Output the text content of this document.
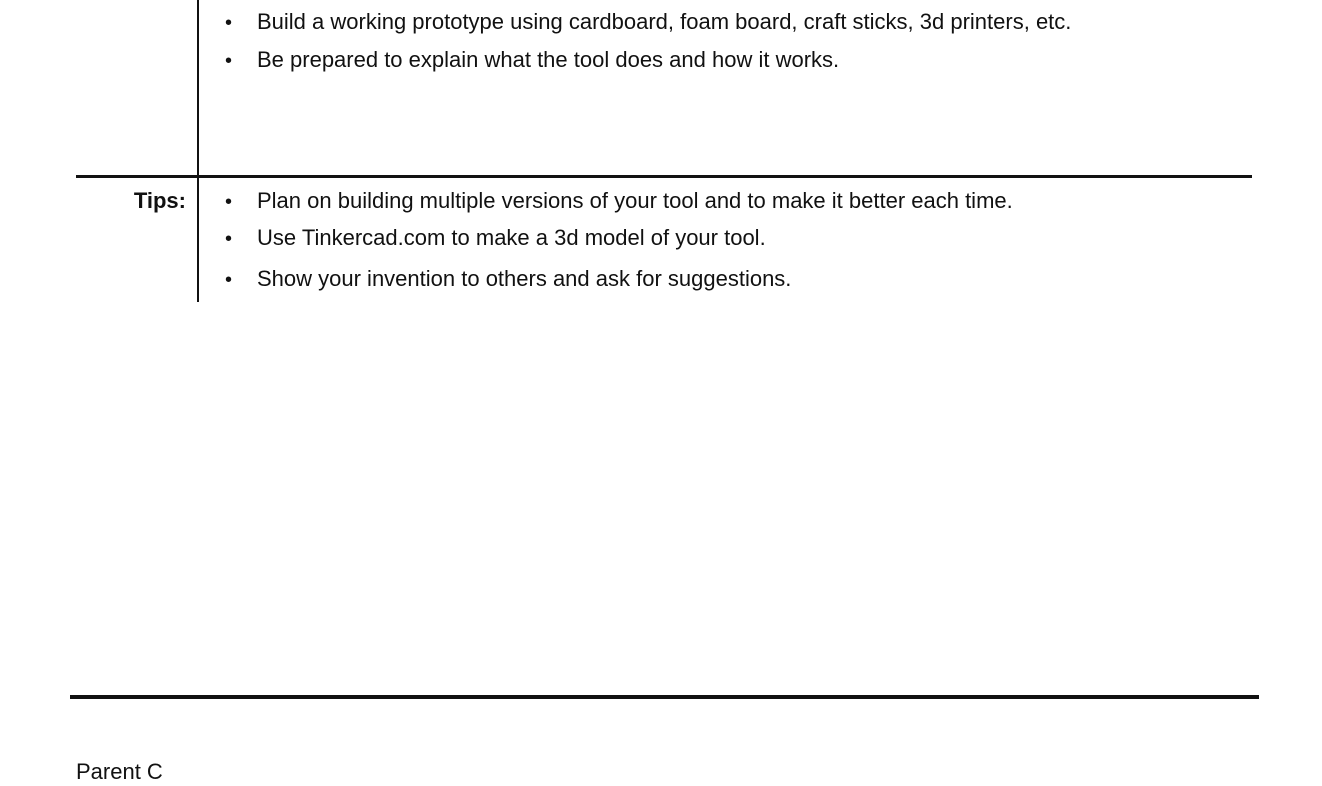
•	Build a working prototype using cardboard, foam board, craft sticks, 3d printers, etc.
•	Be prepared to explain what the tool does and how it works.
Tips: •	Plan on building multiple versions of your tool and to make it better each time.
•	Use Tinkercad.com to make a 3d model of your tool.
•	Show your invention to others and ask for suggestions.
Parent C
